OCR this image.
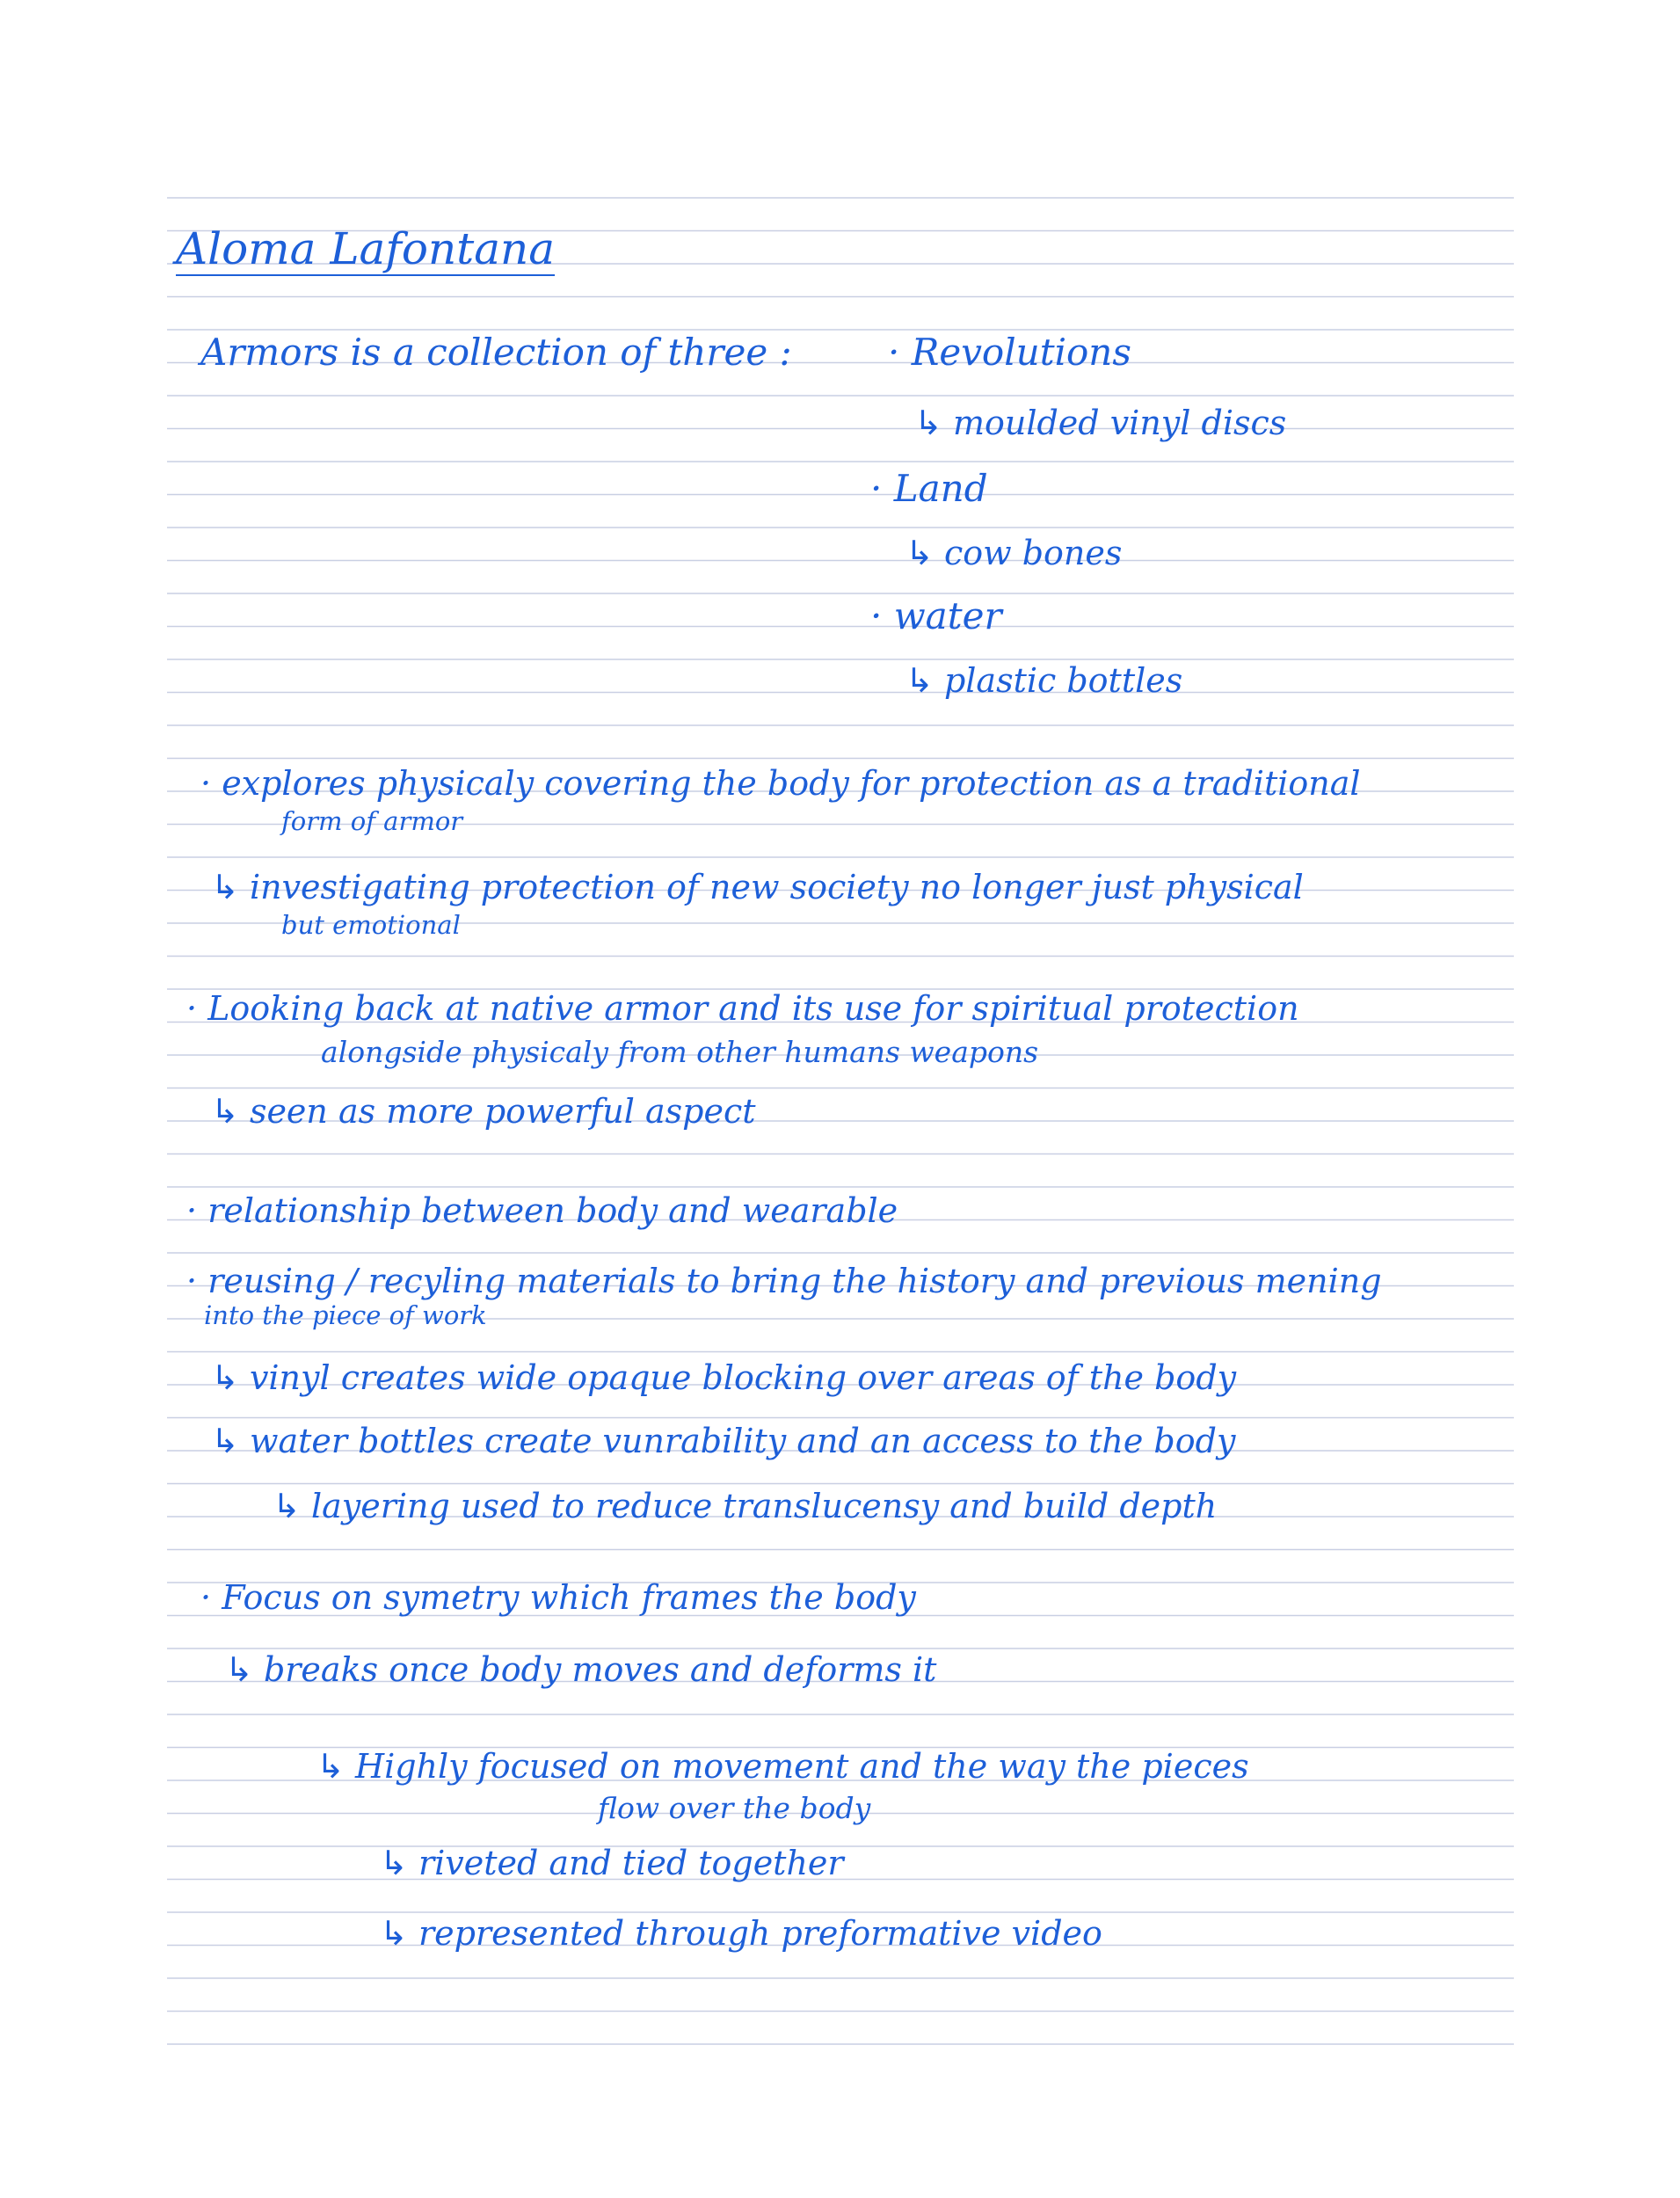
Aloma Lafontana
Armors is a collection of three :	· Revolutions
↳ moulded vinyl discs
· Land
↳ cow bones
· water
↳ plastic bottles
· explores physicaly covering the body for protection as a traditional
form of armor
↳ investigating protection of new society no longer just physical
but emotional
· Looking back at native armor and its use for spiritual protection
alongside physicaly from other humans weapons
↳ seen as more powerful aspect
· relationship between body and wearable
· reusing / recyling materials to bring the history and previous mening
into the piece of work
↳ vinyl creates wide opaque blocking over areas of the body
↳ water bottles create vunrability and an access to the body
↳ layering used to reduce translucensy and build depth
· Focus on symetry which frames the body
↳ breaks once body moves and deforms it
↳ Highly focused on movement and the way the pieces
flow over the body
↳ riveted and tied together
↳ represented through preformative video
